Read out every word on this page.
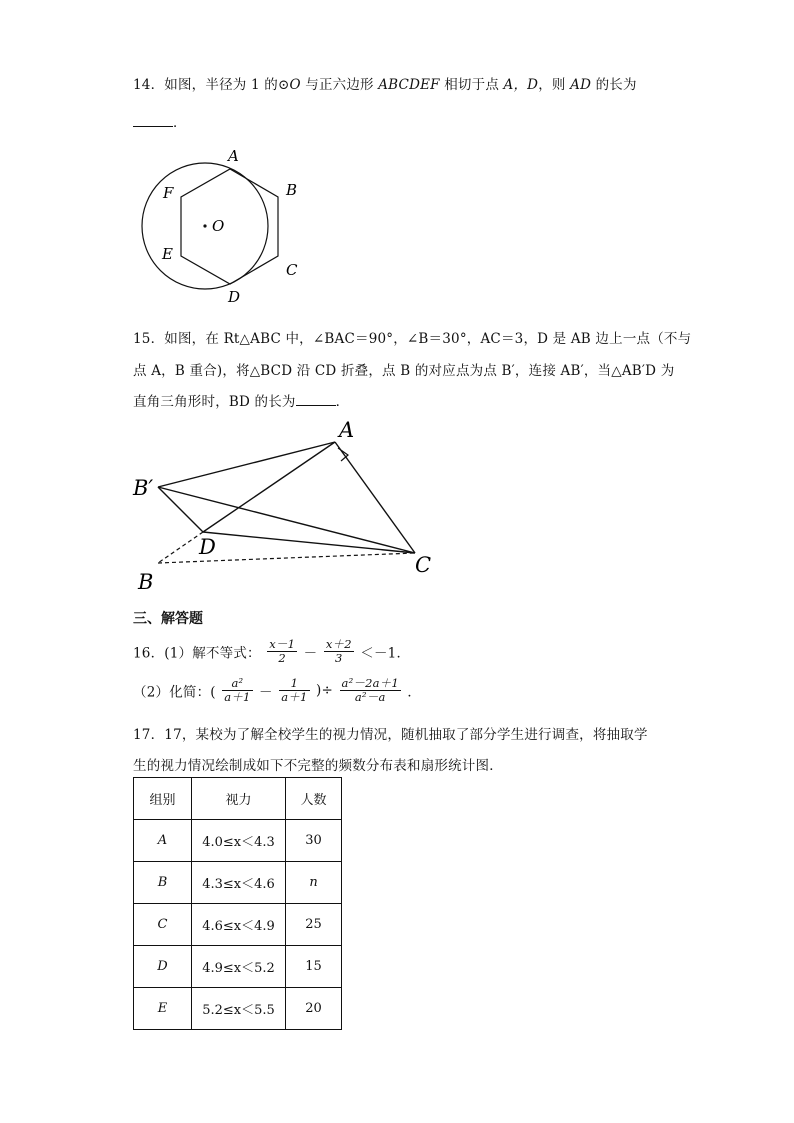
14．如图，半径为 1 的⊙O 与正六边形 ABCDEF 相切于点 A，D，则 AD 的长为
．
A
B
C
D
E
F
O
15．如图，在 Rt△ABC 中，∠BAC＝90°，∠B＝30°，AC＝3，D 是 AB 边上一点（不与
点 A，B 重合)，将△BCD 沿 CD 折叠，点 B 的对应点为点 B′，连接 AB′，当△AB′D 为
直角三角形时，BD 的长为	．
A
B′
D
B
C
三、解答题
16．(1）解不等式： $\frac{x-1}{2} - \frac{x+2}{3} <-1$．
（2）化简：( $\frac{\text{a²}}{a+1} - \frac{1}{a+1}$ )÷ $\frac{\text{a²－2a＋1}}{\text{a²－a}}$ ．
17．17，某校为了解全校学生的视力情况，随机抽取了部分学生进行调查，将抽取学
生的视力情况绘制成如下不完整的频数分布表和扇形统计图．
组别	视力	人数
A	4.0≤x＜4.3	30
B	4.3≤x＜4.6	n
C	4.6≤x＜4.9	25
D	4.9≤x＜5.2	15
E	5.2≤x＜5.5	20
